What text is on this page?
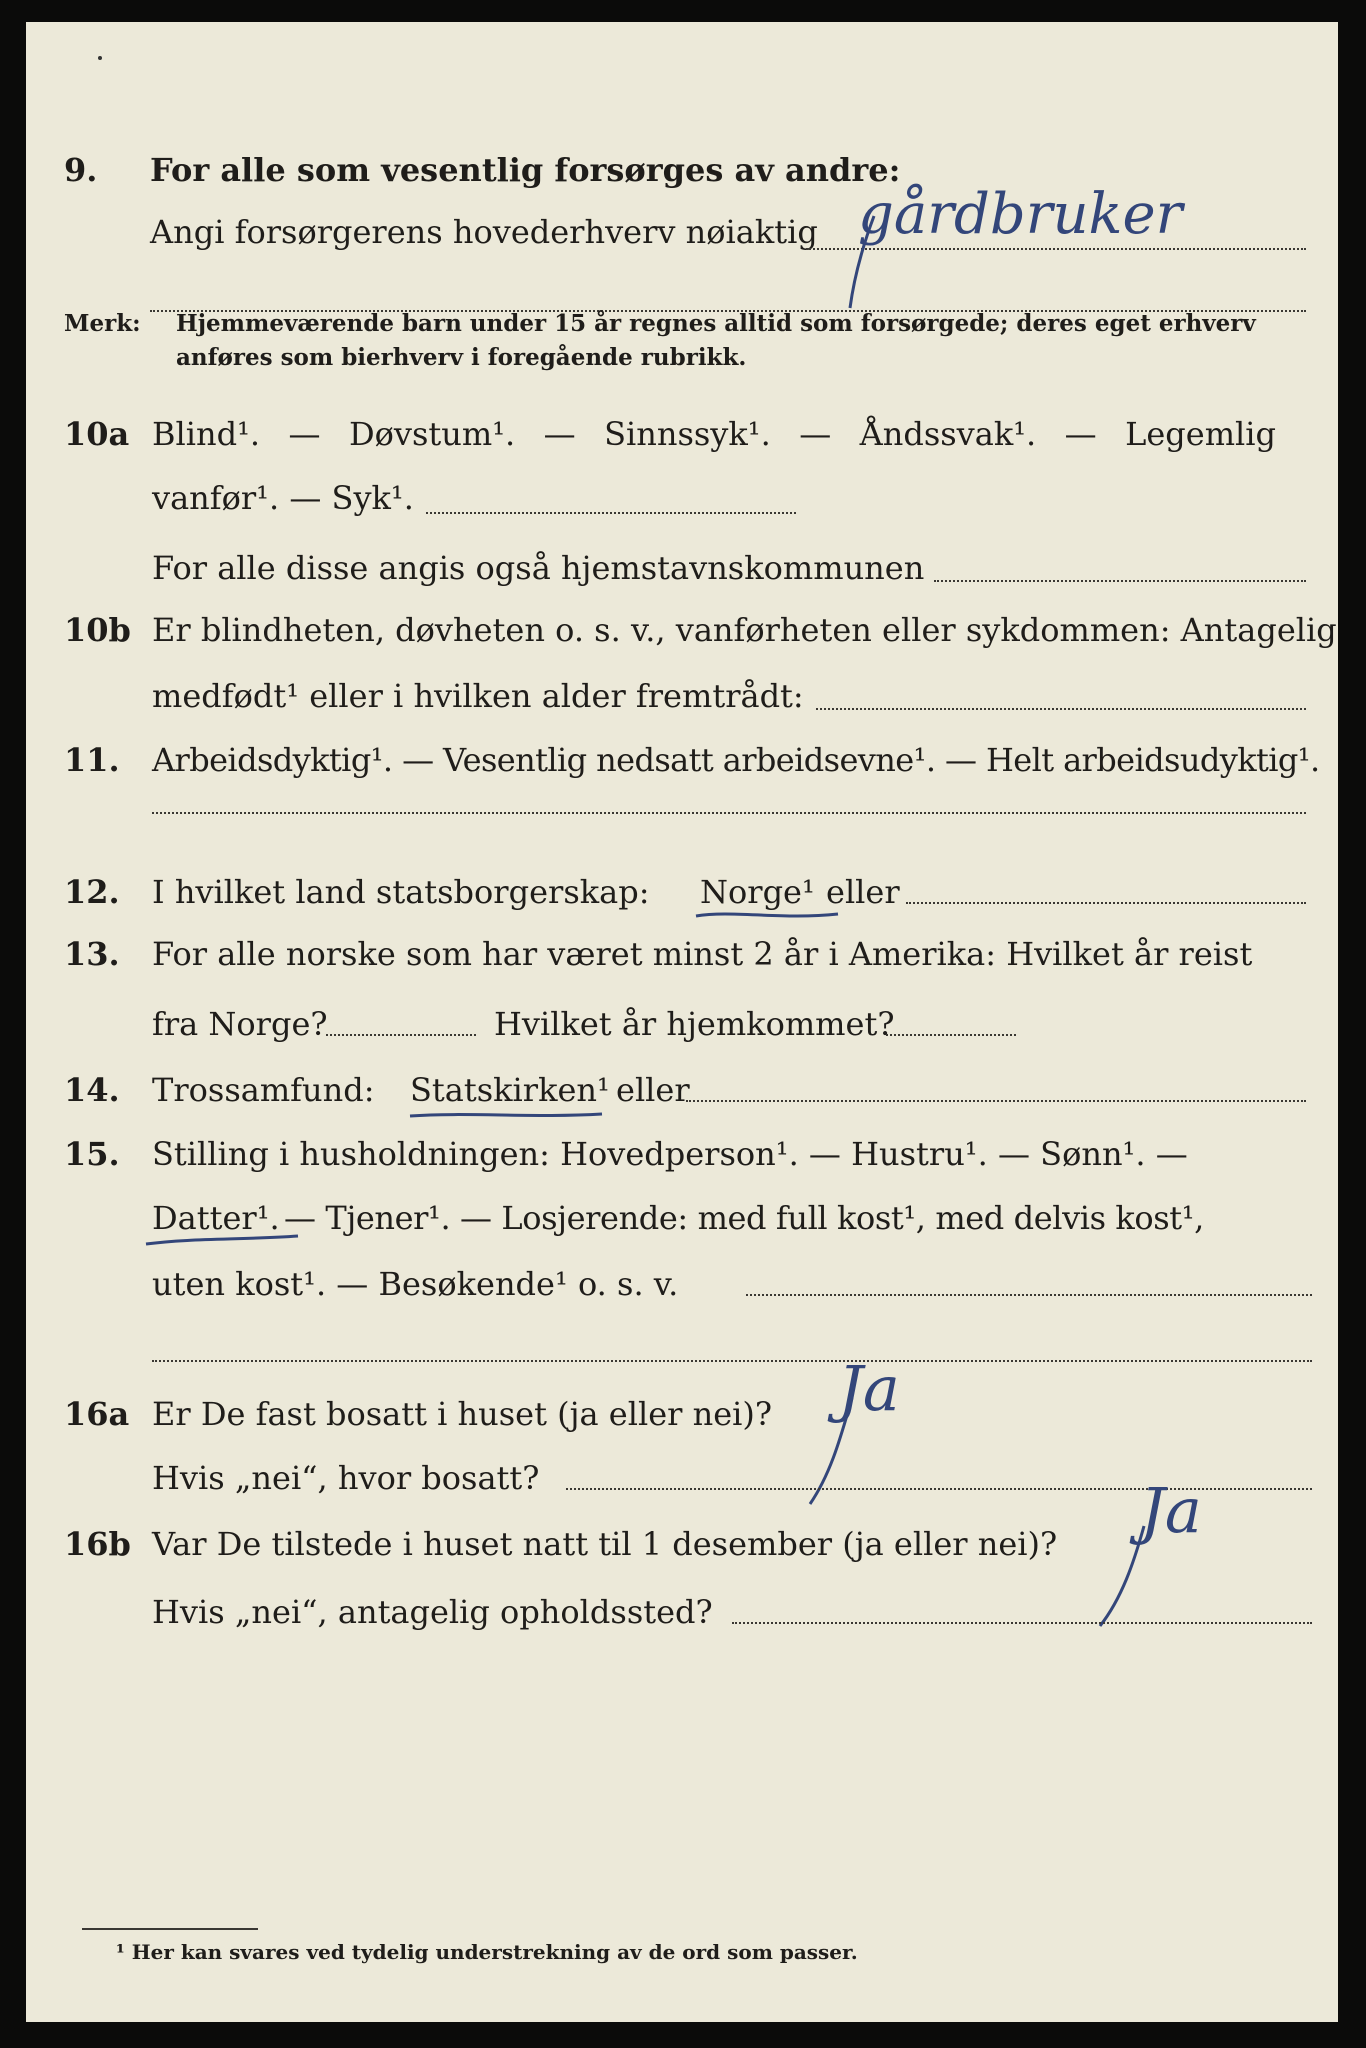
9. For alle som vesentlig forsørges av andre:
Angi forsørgerens hovederhverv nøiaktig gårdbruker
Merk: Hjemmeværende barn under 15 år regnes alltid som forsørgede; deres eget erhverv
anføres som bierhverv i foregående rubrikk.
10a Blind¹. — Døvstum¹. — Sinnssyk¹. — Åndssvak¹. — Legemlig
vanfør¹. — Syk¹.
For alle disse angis også hjemstavnskommunen
10b Er blindheten, døvheten o. s. v., vanførheten eller sykdommen: Antagelig
medfødt¹ eller i hvilken alder fremtrådt:
11. Arbeidsdyktig¹. — Vesentlig nedsatt arbeidsevne¹. — Helt arbeidsudyktig¹.
12. I hvilket land statsborgerskap: Norge¹ eller
13. For alle norske som har været minst 2 år i Amerika: Hvilket år reist
fra Norge?	Hvilket år hjemkommet?
14. Trossamfund: Statskirken¹ eller
15. Stilling i husholdningen: Hovedperson¹. — Hustru¹. — Sønn¹. —
Datter¹. — Tjener¹. — Losjerende: med full kost¹, med delvis kost¹,
uten kost¹. — Besøkende¹ o. s. v.
16a Er De fast bosatt i huset (ja eller nei)? Ja
Hvis „nei“, hvor bosatt?
16b Var De tilstede i huset natt til 1 desember (ja eller nei)? Ja
Hvis „nei“, antagelig opholdssted?
¹ Her kan svares ved tydelig understrekning av de ord som passer.
